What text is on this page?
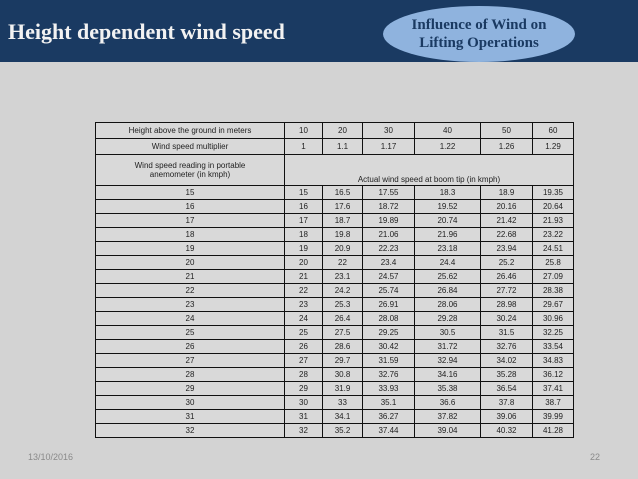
Height dependent wind speed	Influence of Wind on Lifting Operations
Height above the ground in meters	10	20	30	40	50	60
Wind speed multiplier	1	1.1	1.17	1.22	1.26	1.29
Wind speed reading in portable anemometer (in kmph)	Actual wind speed at boom tip (in kmph)					
15	15	16.5	17.55	18.3	18.9	19.35
16	16	17.6	18.72	19.52	20.16	20.64
17	17	18.7	19.89	20.74	21.42	21.93
18	18	19.8	21.06	21.96	22.68	23.22
19	19	20.9	22.23	23.18	23.94	24.51
20	20	22	23.4	24.4	25.2	25.8
21	21	23.1	24.57	25.62	26.46	27.09
22	22	24.2	25.74	26.84	27.72	28.38
23	23	25.3	26.91	28.06	28.98	29.67
24	24	26.4	28.08	29.28	30.24	30.96
25	25	27.5	29.25	30.5	31.5	32.25
26	26	28.6	30.42	31.72	32.76	33.54
27	27	29.7	31.59	32.94	34.02	34.83
28	28	30.8	32.76	34.16	35.28	36.12
29	29	31.9	33.93	35.38	36.54	37.41
30	30	33	35.1	36.6	37.8	38.7
31	31	34.1	36.27	37.82	39.06	39.99
32	32	35.2	37.44	39.04	40.32	41.28
13/10/2016	22
